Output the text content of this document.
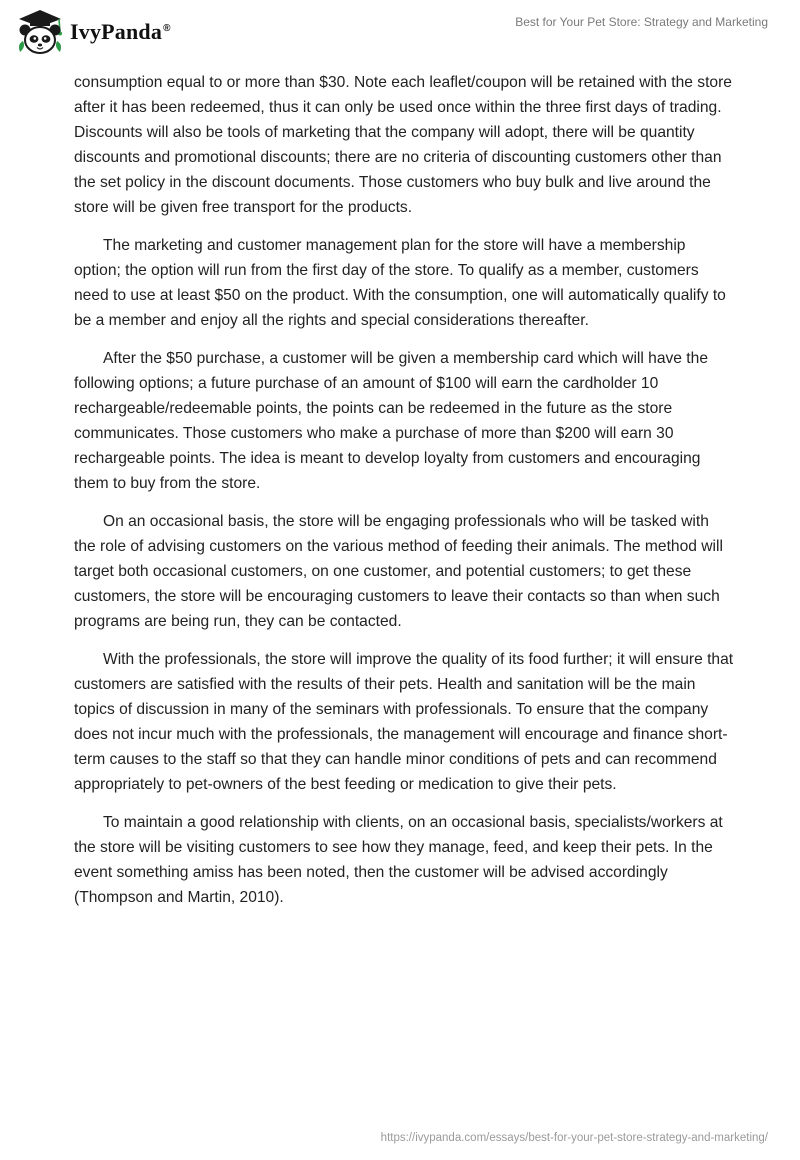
IvyPanda®	Best for Your Pet Store: Strategy and Marketing

consumption equal to or more than $30. Note each leaflet/coupon will be retained with the store after it has been redeemed, thus it can only be used once within the three first days of trading. Discounts will also be tools of marketing that the company will adopt, there will be quantity discounts and promotional discounts; there are no criteria of discounting customers other than the set policy in the discount documents. Those customers who buy bulk and live around the store will be given free transport for the products.

The marketing and customer management plan for the store will have a membership option; the option will run from the first day of the store. To qualify as a member, customers need to use at least $50 on the product. With the consumption, one will automatically qualify to be a member and enjoy all the rights and special considerations thereafter.

After the $50 purchase, a customer will be given a membership card which will have the following options; a future purchase of an amount of $100 will earn the cardholder 10 rechargeable/redeemable points, the points can be redeemed in the future as the store communicates. Those customers who make a purchase of more than $200 will earn 30 rechargeable points. The idea is meant to develop loyalty from customers and encouraging them to buy from the store.

On an occasional basis, the store will be engaging professionals who will be tasked with the role of advising customers on the various method of feeding their animals. The method will target both occasional customers, on one customer, and potential customers; to get these customers, the store will be encouraging customers to leave their contacts so than when such programs are being run, they can be contacted.

With the professionals, the store will improve the quality of its food further; it will ensure that customers are satisfied with the results of their pets. Health and sanitation will be the main topics of discussion in many of the seminars with professionals. To ensure that the company does not incur much with the professionals, the management will encourage and finance short-term causes to the staff so that they can handle minor conditions of pets and can recommend appropriately to pet-owners of the best feeding or medication to give their pets.

To maintain a good relationship with clients, on an occasional basis, specialists/workers at the store will be visiting customers to see how they manage, feed, and keep their pets. In the event something amiss has been noted, then the customer will be advised accordingly (Thompson and Martin, 2010).

https://ivypanda.com/essays/best-for-your-pet-store-strategy-and-marketing/
